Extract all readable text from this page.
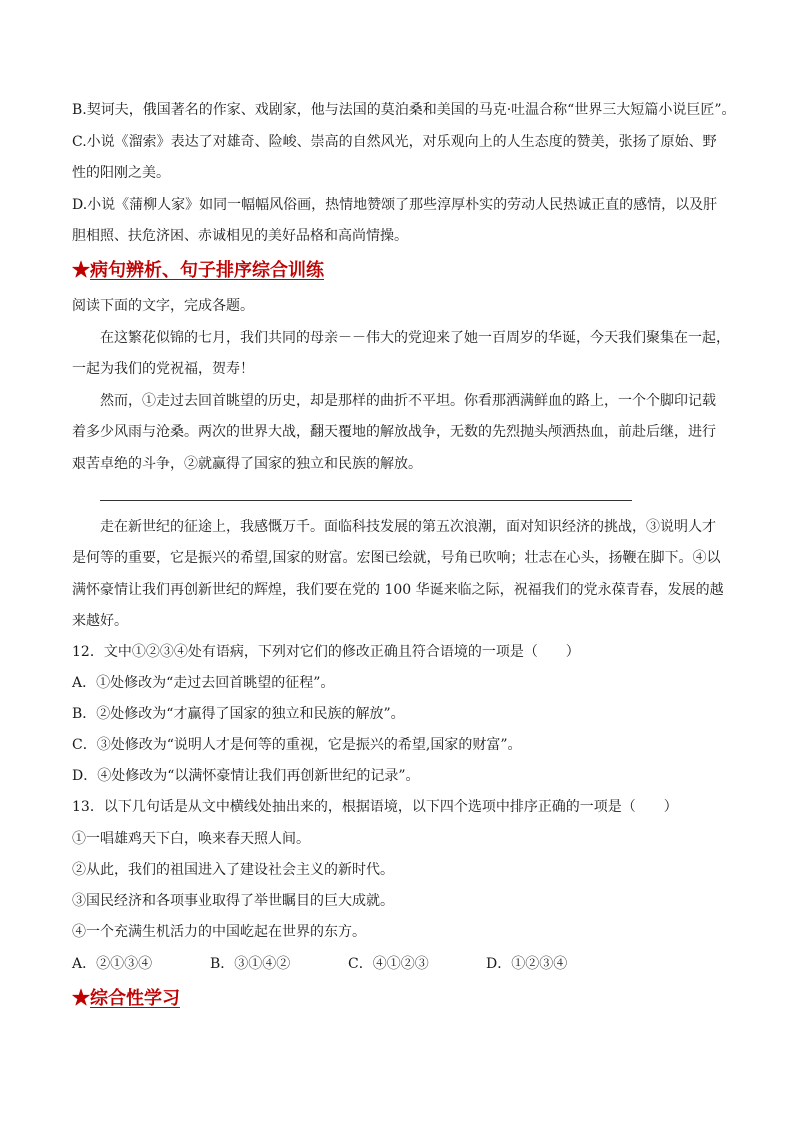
B.契诃夫，俄国著名的作家、戏剧家，他与法国的莫泊桑和美国的马克·吐温合称“世界三大短篇小说巨匠”。
C.小说《溜索》表达了对雄奇、险峻、崇高的自然风光，对乐观向上的人生态度的赞美，张扬了原始、野
性的阳刚之美。
D.小说《蒲柳人家》如同一幅幅风俗画，热情地赞颂了那些淳厚朴实的劳动人民热诚正直的感情，以及肝
胆相照、扶危济困、赤诚相见的美好品格和高尚情操。
★病句辨析、句子排序综合训练
阅读下面的文字，完成各题。
在这繁花似锦的七月，我们共同的母亲－－伟大的党迎来了她一百周岁的华诞，今天我们聚集在一起，
一起为我们的党祝福，贺寿！
然而，①走过去回首眺望的历史，却是那样的曲折不平坦。你看那洒满鲜血的路上，一个个脚印记载
着多少风雨与沧桑。两次的世界大战，翻天覆地的解放战争，无数的先烈抛头颅洒热血，前赴后继，进行
艰苦卓绝的斗争，②就赢得了国家的独立和民族的解放。
走在新世纪的征途上，我感慨万千。面临科技发展的第五次浪潮，面对知识经济的挑战，③说明人才
是何等的重要，它是振兴的希望,国家的财富。宏图已绘就，号角已吹响；壮志在心头，扬鞭在脚下。④以
满怀豪情让我们再创新世纪的辉煌，我们要在党的 100 华诞来临之际，祝福我们的党永葆青春，发展的越
来越好。
12．文中①②③④处有语病，下列对它们的修改正确且符合语境的一项是（　　）
A．①处修改为“走过去回首眺望的征程”。
B．②处修改为“才赢得了国家的独立和民族的解放”。
C．③处修改为“说明人才是何等的重视，它是振兴的希望,国家的财富”。
D．④处修改为“以满怀豪情让我们再创新世纪的记录”。
13．以下几句话是从文中横线处抽出来的，根据语境，以下四个选项中排序正确的一项是（　　）
①一唱雄鸡天下白，唤来春天照人间。
②从此，我们的祖国进入了建设社会主义的新时代。
③国民经济和各项事业取得了举世瞩目的巨大成就。
④一个充满生机活力的中国屹起在世界的东方。
A．②①③④	B．③①④②	C．④①②③	D．①②③④
★综合性学习
